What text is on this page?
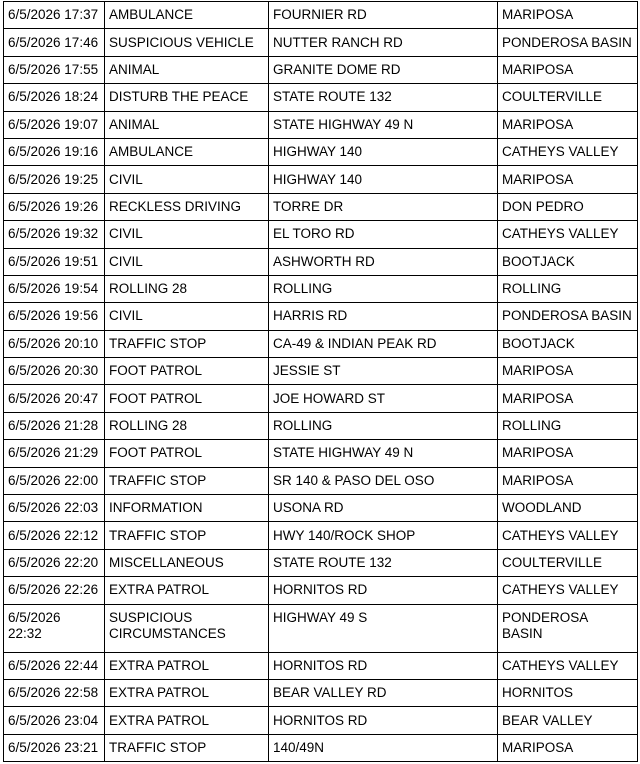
6/5/2026 17:37	AMBULANCE	FOURNIER RD	MARIPOSA
6/5/2026 17:46	SUSPICIOUS VEHICLE	NUTTER RANCH RD	PONDEROSA BASIN
6/5/2026 17:55	ANIMAL	GRANITE DOME RD	MARIPOSA
6/5/2026 18:24	DISTURB THE PEACE	STATE ROUTE 132	COULTERVILLE
6/5/2026 19:07	ANIMAL	STATE HIGHWAY 49 N	MARIPOSA
6/5/2026 19:16	AMBULANCE	HIGHWAY 140	CATHEYS VALLEY
6/5/2026 19:25	CIVIL	HIGHWAY 140	MARIPOSA
6/5/2026 19:26	RECKLESS DRIVING	TORRE DR	DON PEDRO
6/5/2026 19:32	CIVIL	EL TORO RD	CATHEYS VALLEY
6/5/2026 19:51	CIVIL	ASHWORTH RD	BOOTJACK
6/5/2026 19:54	ROLLING 28	ROLLING	ROLLING
6/5/2026 19:56	CIVIL	HARRIS RD	PONDEROSA BASIN
6/5/2026 20:10	TRAFFIC STOP	CA-49 & INDIAN PEAK RD	BOOTJACK
6/5/2026 20:30	FOOT PATROL	JESSIE ST	MARIPOSA
6/5/2026 20:47	FOOT PATROL	JOE HOWARD ST	MARIPOSA
6/5/2026 21:28	ROLLING 28	ROLLING	ROLLING
6/5/2026 21:29	FOOT PATROL	STATE HIGHWAY 49 N	MARIPOSA
6/5/2026 22:00	TRAFFIC STOP	SR 140 & PASO DEL OSO	MARIPOSA
6/5/2026 22:03	INFORMATION	USONA RD	WOODLAND
6/5/2026 22:12	TRAFFIC STOP	HWY 140/ROCK SHOP	CATHEYS VALLEY
6/5/2026 22:20	MISCELLANEOUS	STATE ROUTE 132	COULTERVILLE
6/5/2026 22:26	EXTRA PATROL	HORNITOS RD	CATHEYS VALLEY
6/5/2026 22:32	SUSPICIOUS CIRCUMSTANCES	HIGHWAY 49 S	PONDEROSA BASIN
6/5/2026 22:44	EXTRA PATROL	HORNITOS RD	CATHEYS VALLEY
6/5/2026 22:58	EXTRA PATROL	BEAR VALLEY RD	HORNITOS
6/5/2026 23:04	EXTRA PATROL	HORNITOS RD	BEAR VALLEY
6/5/2026 23:21	TRAFFIC STOP	140/49N	MARIPOSA
